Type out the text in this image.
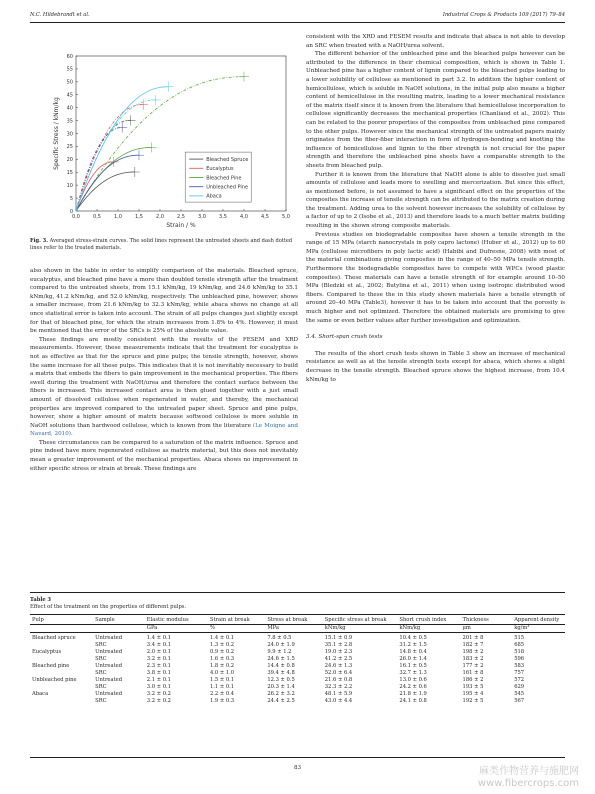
N.C. Hildebrandt et al.	Industrial Crops & Products 109 (2017) 79–84
0,0	0,5	1,0	1,5	2,0	2,5	3,0	3,5	4,0	4,5	5,0
0
5
10
15
20
25
30
35
40
45
50
55
60
Strain / %
Specific Stress / kNm/kg	Bleached Spruce
Eucalyptus
Bleached Pine
Unbleached Pine
Abaca
Fig. 3. Averaged stress-strain curves. The solid lines represent the untreated sheets and dash dotted lines refer to the treated materials.

also shown in the table in order to simplify comparison of the materials. Bleached spruce, eucalyptus, and bleached pine have a more than doubled tensile strength after the treatment compared to the untreated sheets, from 15.1 kNm/kg, 19 kNm/kg, and 24.6 kNm/kg to 35.1 kNm/kg, 41.2 kNm/kg, and 52.0 kNm/kg, respectively. The unbleached pine, however, shows a smaller increase, from 21.6 kNm/kg to 32.3 kNm/kg, while abaca shows no change at all once statistical error is taken into account. The strain of all pulps changes just slightly except for that of bleached pine, for which the strain increases from 1.8% to 4%. However, it must be mentioned that the error of the SRCs is 25% of the absolute value.

These findings are mostly consistent with the results of the FESEM and XRD measurements. However, these measurements indicate that the treatment for eucalyptus is not as effective as that for the spruce and pine pulps; the tensile strength, however, shows the same increase for all these pulps. This indicates that it is not inevitably necessary to build a matrix that embeds the fibers to gain improvement in the mechanical properties. The fibers swell during the treatment with NaOH/urea and therefore the contact surface between the fibers is increased. This increased contact area is then glued together with a just small amount of dissolved cellulose when regenerated in water, and thereby, the mechanical properties are improved compared to the untreated paper sheet. Spruce and pine pulps, however, show a higher amount of matrix because softwood cellulose is more soluble in NaOH solutions than hardwood cellulose, which is known from the literature (Le Moigne and Navard, 2010).

These circumstances can be compared to a saturation of the matrix influence. Spruce and pine indeed have more regenerated cellulose as matrix material, but this does not inevitably mean a greater improvement of the mechanical properties. Abaca shows no improvement in either specific stress or strain at break. These findings are

consistent with the XRD and FESEM results and indicate that abaca is not able to develop an SRC when treated with a NaOH/urea solvent.

The different behavior of the unbleached pine and the bleached pulps however can be attributed to the difference in their chemical composition, which is shown in Table 1. Unbleached pine has a higher content of lignin compared to the bleached pulps leading to a lower solubility of cellulose as mentioned in part 3.2. In addition the higher content of hemicellulose, which is soluble in NaOH solutions, in the initial pulp also means a higher content of hemicellulose in the resulting matrix, leading to a lower mechanical resistance of the matrix itself since it is known from the literature that hemicellulose incorporation to cellulose significantly decreases the mechanical properties (Chanliaud et al., 2002). This can be related to the poorer properties of the composites from unbleached pine compared to the other pulps. However since the mechanical strength of the untreated papers mainly originates from the fiber-fiber interaction in form of hydrogen-bonding and knotting the influence of hemicellulose and lignin to the fiber strength is not crucial for the paper strength and therefore the unbleached pine sheets have a comparable strength to the sheets from bleached pulp.

Further it is known from the literature that NaOH alone is able to dissolve just small amounts of cellulose and leads more to swelling and mercerization. But since this effect, as mentioned before, is not assumed to have a significant effect on the properties of the composites the increase of tensile strength can be attributed to the matrix creation during the treatment. Adding urea to the solvent however increases the solubility of cellulose by a factor of up to 2 (Isobe et al., 2013) and therefore leads to a much better matrix building resulting in the shown strong composite materials.

Previous studies on biodegradable composites have shown a tensile strength in the range of 15 MPa (starch nanocrystals in poly capro lactone) (Huber et al., 2012) up to 60 MPa (cellulose microfibers in poly lactic acid) (Habibi and Dufresne, 2008) with most of the material combinations giving composites in the range of 40–50 MPa tensile strength. Furthermore the biodegradable composites have to compete with WPCs (wood plastic composites). These materials can have a tensile strength of for example around 10–50 MPa (Bledzki et al., 2002; Butylina et al., 2011) when using isotropic distributed wood fibers. Compared to these the in this study shown materials have a tensile strength of around 20–40 MPa (Table3), however it has to be taken into account that the porosity is much higher and not optimized. Therefore the obtained materials are promising to give the same or even better values after further investigation and optimization.

3.4. Short-span crush tests

The results of the short crush tests shown in Table 3 show an increase of mechanical resistance as well as at the tensile strength tests except for abaca, which shows a slight decrease in the tensile strength. Bleached spruce shows the highest increase, from 10.4 kNm/kg to

Table 3
Effect of the treatment on the properties of different pulps.
Pulp	Sample	Elastic modulus	Strain at break	Stress at break	Specific stress at break	Short crush index	Thickness	Apparent density
		GPa	%	MPa	kNm/kg	kNm/kg	μm	kg/m³
Bleached spruce	Untreated	1.4 ± 0.1	1.4 ± 0.1	7.8 ± 0.5	15.1 ± 0.9	10.4 ± 0.5	201 ± 8	515
	SRC	3.4 ± 0.1	1.3 ± 0.2	24.0 ± 1.9	35.1 ± 2.8	31.2 ± 1.5	182 ± 7	685
Eucalyptus	Untreated	2.0 ± 0.1	0.9 ± 0.2	9.9 ± 1.2	19.0 ± 2.3	14.8 ± 0.4	198 ± 2	518
	SRC	3.2 ± 0.1	1.6 ± 0.3	24.6 ± 1.5	41.2 ± 2.5	26.0 ± 1.4	183 ± 2	596
Bleached pine	Untreated	2.3 ± 0.1	1.8 ± 0.2	14.4 ± 0.8	24.6 ± 1.3	16.1 ± 0.5	177 ± 2	583
	SRC	3.8 ± 0.1	4.0 ± 1.0	39.4 ± 4.8	52.0 ± 6.4	32.7 ± 1.3	161 ± 8	757
Unbleached pine	Untreated	2.1 ± 0.1	1.5 ± 0.1	12.3 ± 0.5	21.6 ± 0.8	13.0 ± 0.6	186 ± 2	572
	SRC	3.0 ± 0.1	1.1 ± 0.1	20.3 ± 1.4	32.3 ± 2.2	24.2 ± 0.6	193 ± 5	629
Abaca	Untreated	3.2 ± 0.2	2.2 ± 0.4	26.2 ± 3.2	48.1 ± 5.9	21.8 ± 1.9	195 ± 4	545
	SRC	3.2 ± 0.2	1.9 ± 0.3	24.4 ± 2.5	43.0 ± 4.4	24.1 ± 0.8	192 ± 5	567
83	麻类作物营养与施肥网
www.fibercrops.com
